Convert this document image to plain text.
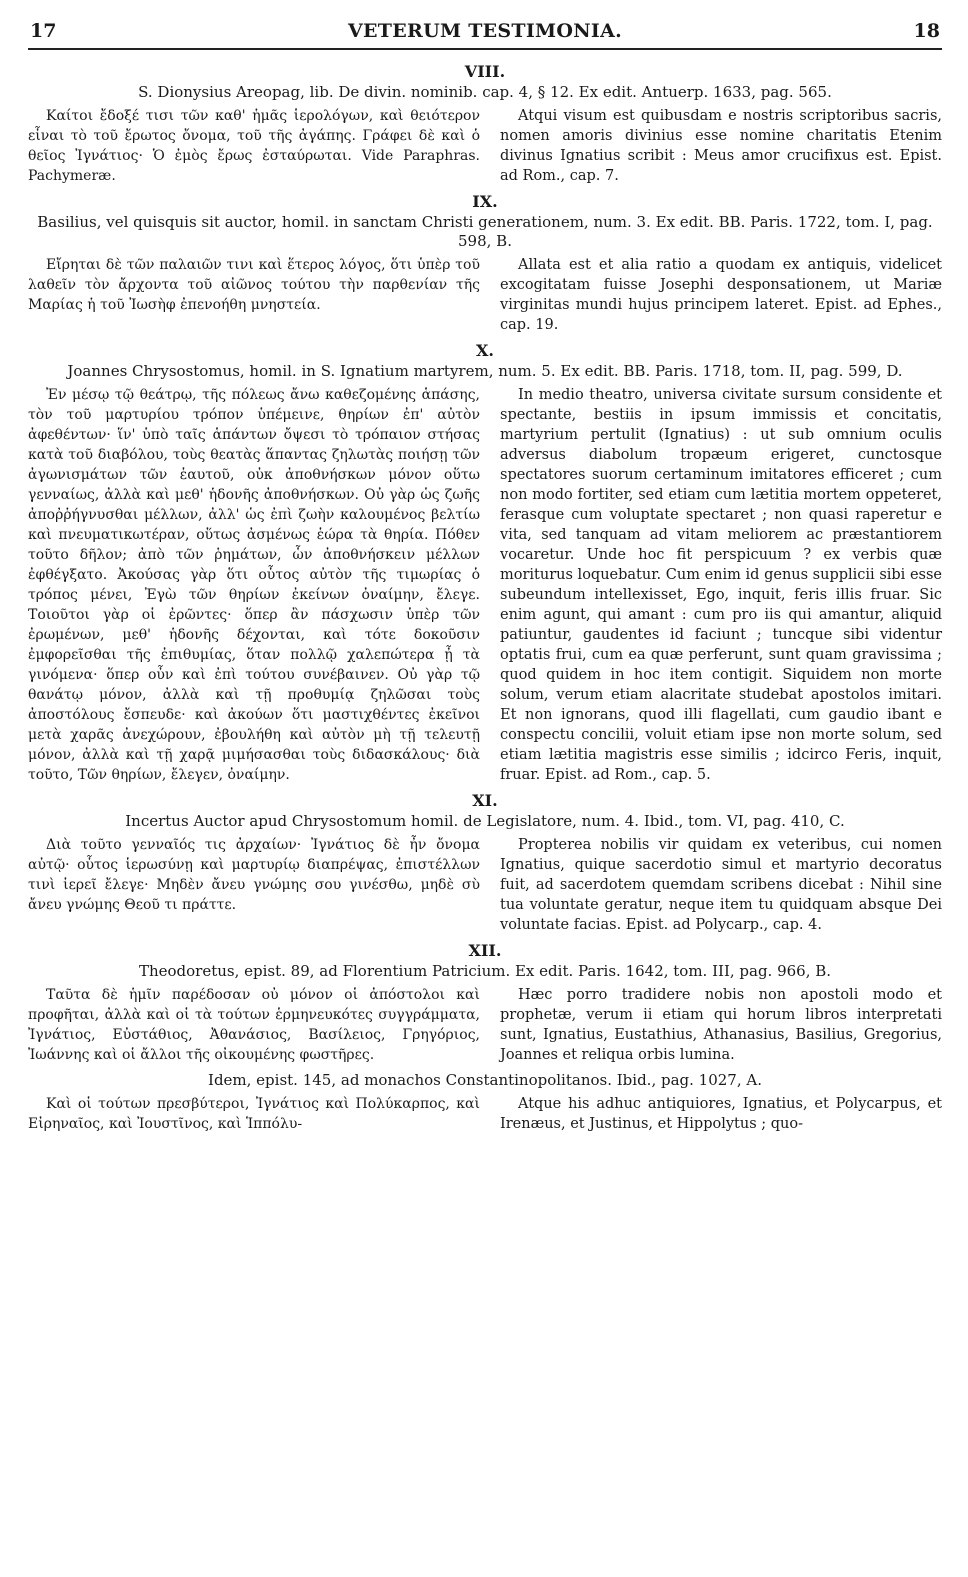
17	VETERUM TESTIMONIA.	18
VIII.
S. Dionysius Areopag, lib. De divin. nominib. cap. 4, § 12. Ex edit. Antuerp. 1633, pag. 565.
Καίτοι ἔδοξέ τισι τῶν καθ' ἡμᾶς ἱερολόγων, καὶ θειότερον εἶναι τὸ τοῦ ἔρωτος ὄνομα, τοῦ τῆς ἀγάπης. Γράφει δὲ καὶ ὁ θεῖος Ἰγνάτιος· Ὁ ἐμὸς ἔρως ἐσταύρωται. Vide Paraphras. Pachymeræ.
Atqui visum est quibusdam e nostris scriptoribus sacris, nomen amoris divinius esse nomine charitatis Etenim divinus Ignatius scribit : Meus amor crucifixus est. Epist. ad Rom., cap. 7.
IX.
Basilius, vel quisquis sit auctor, homil. in sanctam Christi generationem, num. 3. Ex edit. BB. Paris. 1722, tom. I, pag. 598, B.
Εἴρηται δὲ τῶν παλαιῶν τινι καὶ ἕτερος λόγος, ὅτι ὑπὲρ τοῦ λαθεῖν τὸν ἄρχοντα τοῦ αἰῶνος τούτου τὴν παρθενίαν τῆς Μαρίας ἡ τοῦ Ἰωσὴφ ἐπενοήθη μνηστεία.
Allata est et alia ratio a quodam ex antiquis, videlicet excogitatam fuisse Josephi desponsationem, ut Mariæ virginitas mundi hujus principem lateret. Epist. ad Ephes., cap. 19.
X.
Joannes Chrysostomus, homil. in S. Ignatium martyrem, num. 5. Ex edit. BB. Paris. 1718, tom. II, pag. 599, D.
Ἐν μέσῳ τῷ θεάτρῳ, τῆς πόλεως ἄνω καθεζομένης ἁπάσης, τὸν τοῦ μαρτυρίου τρόπον ὑπέμεινε, θηρίων ἐπ' αὐτὸν ἀφεθέντων· ἵν' ὑπὸ ταῖς ἁπάντων ὄψεσι τὸ τρόπαιον στήσας κατὰ τοῦ διαβόλου, τοὺς θεατὰς ἅπαντας ζηλωτὰς ποιήσῃ τῶν ἀγωνισμάτων τῶν ἑαυτοῦ, οὐκ ἀποθνήσκων μόνον οὕτω γενναίως, ἀλλὰ καὶ μεθ' ἡδονῆς ἀποθνήσκων. Οὐ γὰρ ὡς ζωῆς ἀποῤῥήγνυσθαι μέλλων, ἀλλ' ὡς ἐπὶ ζωὴν καλουμένος βελτίω καὶ πνευματικωτέραν, οὕτως ἀσμένως ἑώρα τὰ θηρία. Πόθεν τοῦτο δῆλον; ἀπὸ τῶν ῥημάτων, ὧν ἀποθνήσκειν μέλλων ἐφθέγξατο. Ἀκούσας γὰρ ὅτι οὗτος αὐτὸν τῆς τιμωρίας ὁ τρόπος μένει, Ἐγὼ τῶν θηρίων ἐκείνων ὀναίμην, ἔλεγε. Τοιοῦτοι γὰρ οἱ ἐρῶντες· ὅπερ ἂν πάσχωσιν ὑπὲρ τῶν ἐρωμένων, μεθ' ἡδονῆς δέχονται, καὶ τότε δοκοῦσιν ἐμφορεῖσθαι τῆς ἐπιθυμίας, ὅταν πολλῷ χαλεπώτερα ᾖ τὰ γινόμενα· ὅπερ οὖν καὶ ἐπὶ τούτου συνέβαινεν. Οὐ γὰρ τῷ θανάτῳ μόνον, ἀλλὰ καὶ τῇ προθυμίᾳ ζηλῶσαι τοὺς ἀποστόλους ἔσπευδε· καὶ ἀκούων ὅτι μαστιχθέντες ἐκεῖνοι μετὰ χαρᾶς ἀνεχώρουν, ἐβουλήθη καὶ αὐτὸν μὴ τῇ τελευτῇ μόνον, ἀλλὰ καὶ τῇ χαρᾷ μιμήσασθαι τοὺς διδασκάλους· διὰ τοῦτο, Τῶν θηρίων, ἔλεγεν, ὀναίμην.
In medio theatro, universa civitate sursum considente et spectante, bestiis in ipsum immissis et concitatis, martyrium pertulit (Ignatius) : ut sub omnium oculis adversus diabolum tropæum erigeret, cunctosque spectatores suorum certaminum imitatores efficeret ; cum non modo fortiter, sed etiam cum lætitia mortem oppeteret, ferasque cum voluptate spectaret ; non quasi raperetur e vita, sed tanquam ad vitam meliorem ac præstantiorem vocaretur. Unde hoc fit perspicuum ? ex verbis quæ moriturus loquebatur. Cum enim id genus supplicii sibi esse subeundum intellexisset, Ego, inquit, feris illis fruar. Sic enim agunt, qui amant : cum pro iis qui amantur, aliquid patiuntur, gaudentes id faciunt ; tuncque sibi videntur optatis frui, cum ea quæ perferunt, sunt quam gravissima ; quod quidem in hoc item contigit. Siquidem non morte solum, verum etiam alacritate studebat apostolos imitari. Et non ignorans, quod illi flagellati, cum gaudio ibant e conspectu concilii, voluit etiam ipse non morte solum, sed etiam lætitia magistris esse similis ; idcirco Feris, inquit, fruar. Epist. ad Rom., cap. 5.
XI.
Incertus Auctor apud Chrysostomum homil. de Legislatore, num. 4. Ibid., tom. VI, pag. 410, C.
Διὰ τοῦτο γενναῖός τις ἀρχαίων· Ἰγνάτιος δὲ ἦν ὄνομα αὐτῷ· οὗτος ἱερωσύνῃ καὶ μαρτυρίῳ διαπρέψας, ἐπιστέλλων τινὶ ἱερεῖ ἔλεγε· Μηδὲν ἄνευ γνώμης σου γινέσθω, μηδὲ σὺ ἄνευ γνώμης Θεοῦ τι πράττε.
Propterea nobilis vir quidam ex veteribus, cui nomen Ignatius, quique sacerdotio simul et martyrio decoratus fuit, ad sacerdotem quemdam scribens dicebat : Nihil sine tua voluntate geratur, neque item tu quidquam absque Dei voluntate facias. Epist. ad Polycarp., cap. 4.
XII.
Theodoretus, epist. 89, ad Florentium Patricium. Ex edit. Paris. 1642, tom. III, pag. 966, B.
Ταῦτα δὲ ἡμῖν παρέδοσαν οὐ μόνον οἱ ἀπόστολοι καὶ προφῆται, ἀλλὰ καὶ οἱ τὰ τούτων ἑρμηνευκότες συγγράμματα, Ἰγνάτιος, Εὐστάθιος, Ἀθανάσιος, Βασίλειος, Γρηγόριος, Ἰωάννης καὶ οἱ ἄλλοι τῆς οἰκουμένης φωστῆρες.
Hæc porro tradidere nobis non apostoli modo et prophetæ, verum ii etiam qui horum libros interpretati sunt, Ignatius, Eustathius, Athanasius, Basilius, Gregorius, Joannes et reliqua orbis lumina.
Idem, epist. 145, ad monachos Constantinopolitanos. Ibid., pag. 1027, A.
Καὶ οἱ τούτων πρεσβύτεροι, Ἰγνάτιος καὶ Πολύκαρπος, καὶ Εἰρηναῖος, καὶ Ἰουστῖνος, καὶ Ἱππόλυ-
Atque his adhuc antiquiores, Ignatius, et Polycarpus, et Irenæus, et Justinus, et Hippolytus ; quo-
